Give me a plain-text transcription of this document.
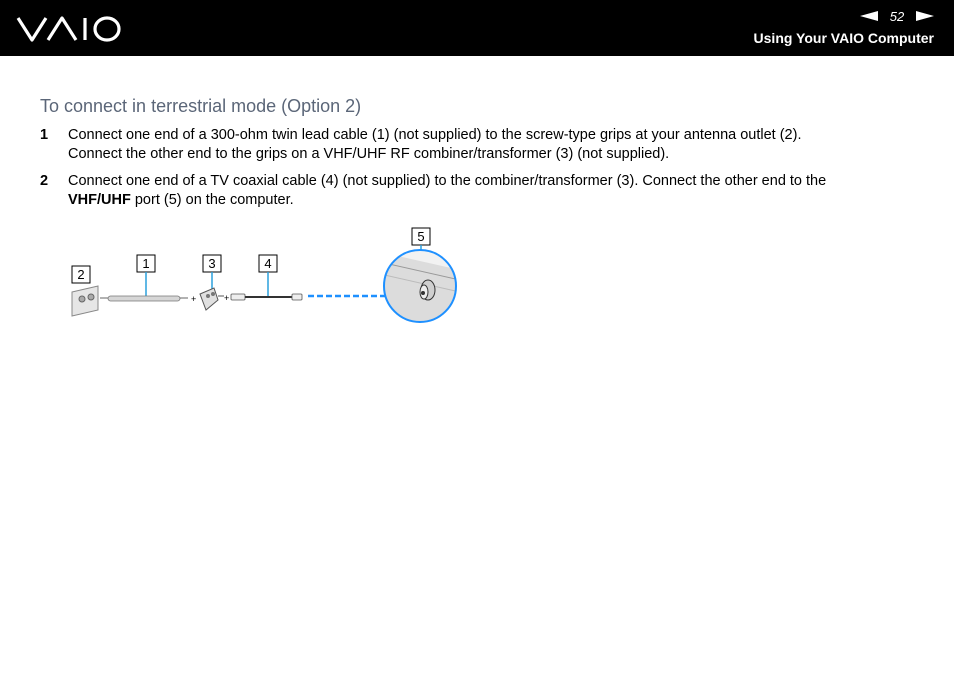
52
Using Your VAIO Computer
To connect in terrestrial mode (Option 2)
1 Connect one end of a 300-ohm twin lead cable (1) (not supplied) to the screw-type grips at your antenna outlet (2).
Connect the other end to the grips on a VHF/UHF RF combiner/transformer (3) (not supplied).
2 Connect one end of a TV coaxial cable (4) (not supplied) to the combiner/transformer (3). Connect the other end to the
VHF/UHF port (5) on the computer.
2
1	3
+
4
+
5
